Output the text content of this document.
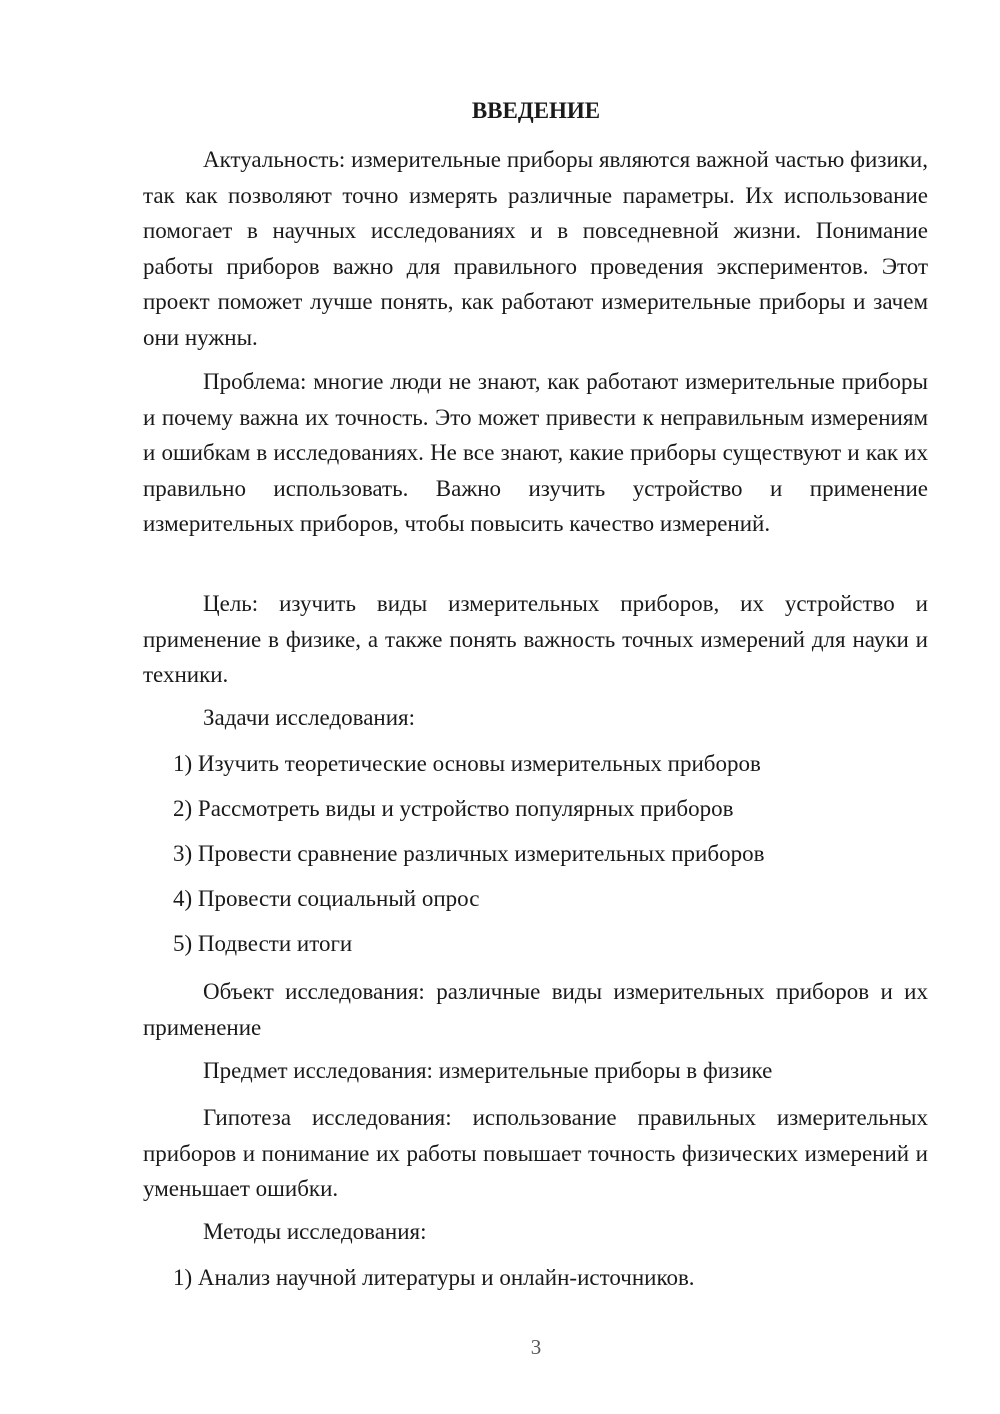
ВВЕДЕНИЕ

Актуальность: измерительные приборы являются важной частью физики, так как позволяют точно измерять различные параметры. Их использование помогает в научных исследованиях и в повседневной жизни. Понимание работы приборов важно для правильного проведения экспериментов. Этот проект поможет лучше понять, как работают измерительные приборы и зачем они нужны.

Проблема: многие люди не знают, как работают измерительные приборы и почему важна их точность. Это может привести к неправильным измерениям и ошибкам в исследованиях. Не все знают, какие приборы существуют и как их правильно использовать. Важно изучить устройство и применение измерительных приборов, чтобы повысить качество измерений.

Цель: изучить виды измерительных приборов, их устройство и применение в физике, а также понять важность точных измерений для науки и техники.

Задачи исследования:

1) Изучить теоретические основы измерительных приборов

2) Рассмотреть виды и устройство популярных приборов

3) Провести сравнение различных измерительных приборов

4) Провести социальный опрос

5) Подвести итоги

Объект исследования: различные виды измерительных приборов и их применение

Предмет исследования: измерительные приборы в физике

Гипотеза исследования: использование правильных измерительных приборов и понимание их работы повышает точность физических измерений и уменьшает ошибки.

Методы исследования:

1) Анализ научной литературы и онлайн-источников.

3
